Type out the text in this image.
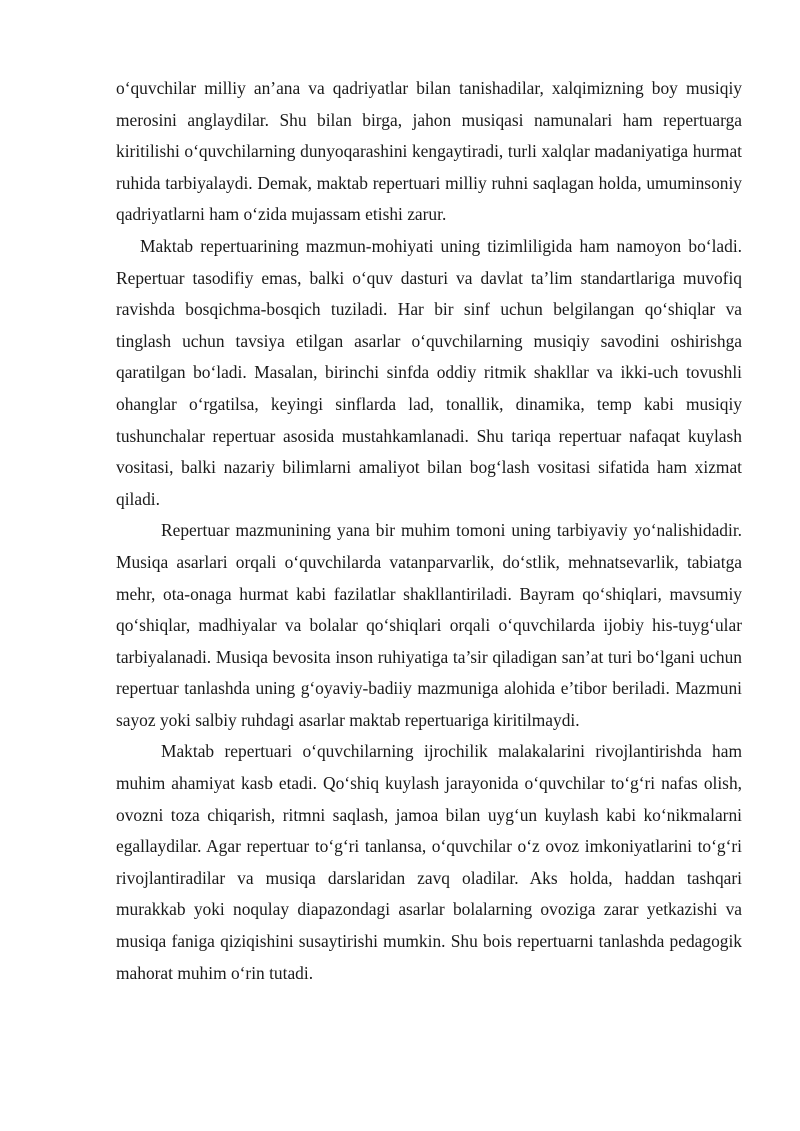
o‘quvchilar milliy an’ana va qadriyatlar bilan tanishadilar, xalqimizning boy musiqiy merosini anglaydilar. Shu bilan birga, jahon musiqasi namunalari ham repertuarga kiritilishi o‘quvchilarning dunyoqarashini kengaytiradi, turli xalqlar madaniyatiga hurmat ruhida tarbiyalaydi. Demak, maktab repertuari milliy ruhni saqlagan holda, umuminsoniy qadriyatlarni ham o‘zida mujassam etishi zarur.

Maktab repertuarining mazmun-mohiyati uning tizimliligida ham namoyon bo‘ladi. Repertuar tasodifiy emas, balki o‘quv dasturi va davlat ta’lim standartlariga muvofiq ravishda bosqichma-bosqich tuziladi. Har bir sinf uchun belgilangan qo‘shiqlar va tinglash uchun tavsiya etilgan asarlar o‘quvchilarning musiqiy savodini oshirishga qaratilgan bo‘ladi. Masalan, birinchi sinfda oddiy ritmik shakllar va ikki-uch tovushli ohanglar o‘rgatilsa, keyingi sinflarda lad, tonallik, dinamika, temp kabi musiqiy tushunchalar repertuar asosida mustahkamlanadi. Shu tariqa repertuar nafaqat kuylash vositasi, balki nazariy bilimlarni amaliyot bilan bog‘lash vositasi sifatida ham xizmat qiladi.

Repertuar mazmunining yana bir muhim tomoni uning tarbiyaviy yo‘nalishidadir. Musiqa asarlari orqali o‘quvchilarda vatanparvarlik, do‘stlik, mehnatsevarlik, tabiatga mehr, ota-onaga hurmat kabi fazilatlar shakllantiriladi. Bayram qo‘shiqlari, mavsumiy qo‘shiqlar, madhiyalar va bolalar qo‘shiqlari orqali o‘quvchilarda ijobiy his-tuyg‘ular tarbiyalanadi. Musiqa bevosita inson ruhiyatiga ta’sir qiladigan san’at turi bo‘lgani uchun repertuar tanlashda uning g‘oyaviy-badiiy mazmuniga alohida e’tibor beriladi. Mazmuni sayoz yoki salbiy ruhdagi asarlar maktab repertuariga kiritilmaydi.

Maktab repertuari o‘quvchilarning ijrochilik malakalarini rivojlantirishda ham muhim ahamiyat kasb etadi. Qo‘shiq kuylash jarayonida o‘quvchilar to‘g‘ri nafas olish, ovozni toza chiqarish, ritmni saqlash, jamoa bilan uyg‘un kuylash kabi ko‘nikmalarni egallaydilar. Agar repertuar to‘g‘ri tanlansa, o‘quvchilar o‘z ovoz imkoniyatlarini to‘g‘ri rivojlantiradilar va musiqa darslaridan zavq oladilar. Aks holda, haddan tashqari murakkab yoki noqulay diapazondagi asarlar bolalarning ovoziga zarar yetkazishi va musiqa faniga qiziqishini susaytirishi mumkin. Shu bois repertuarni tanlashda pedagogik mahorat muhim o‘rin tutadi.
